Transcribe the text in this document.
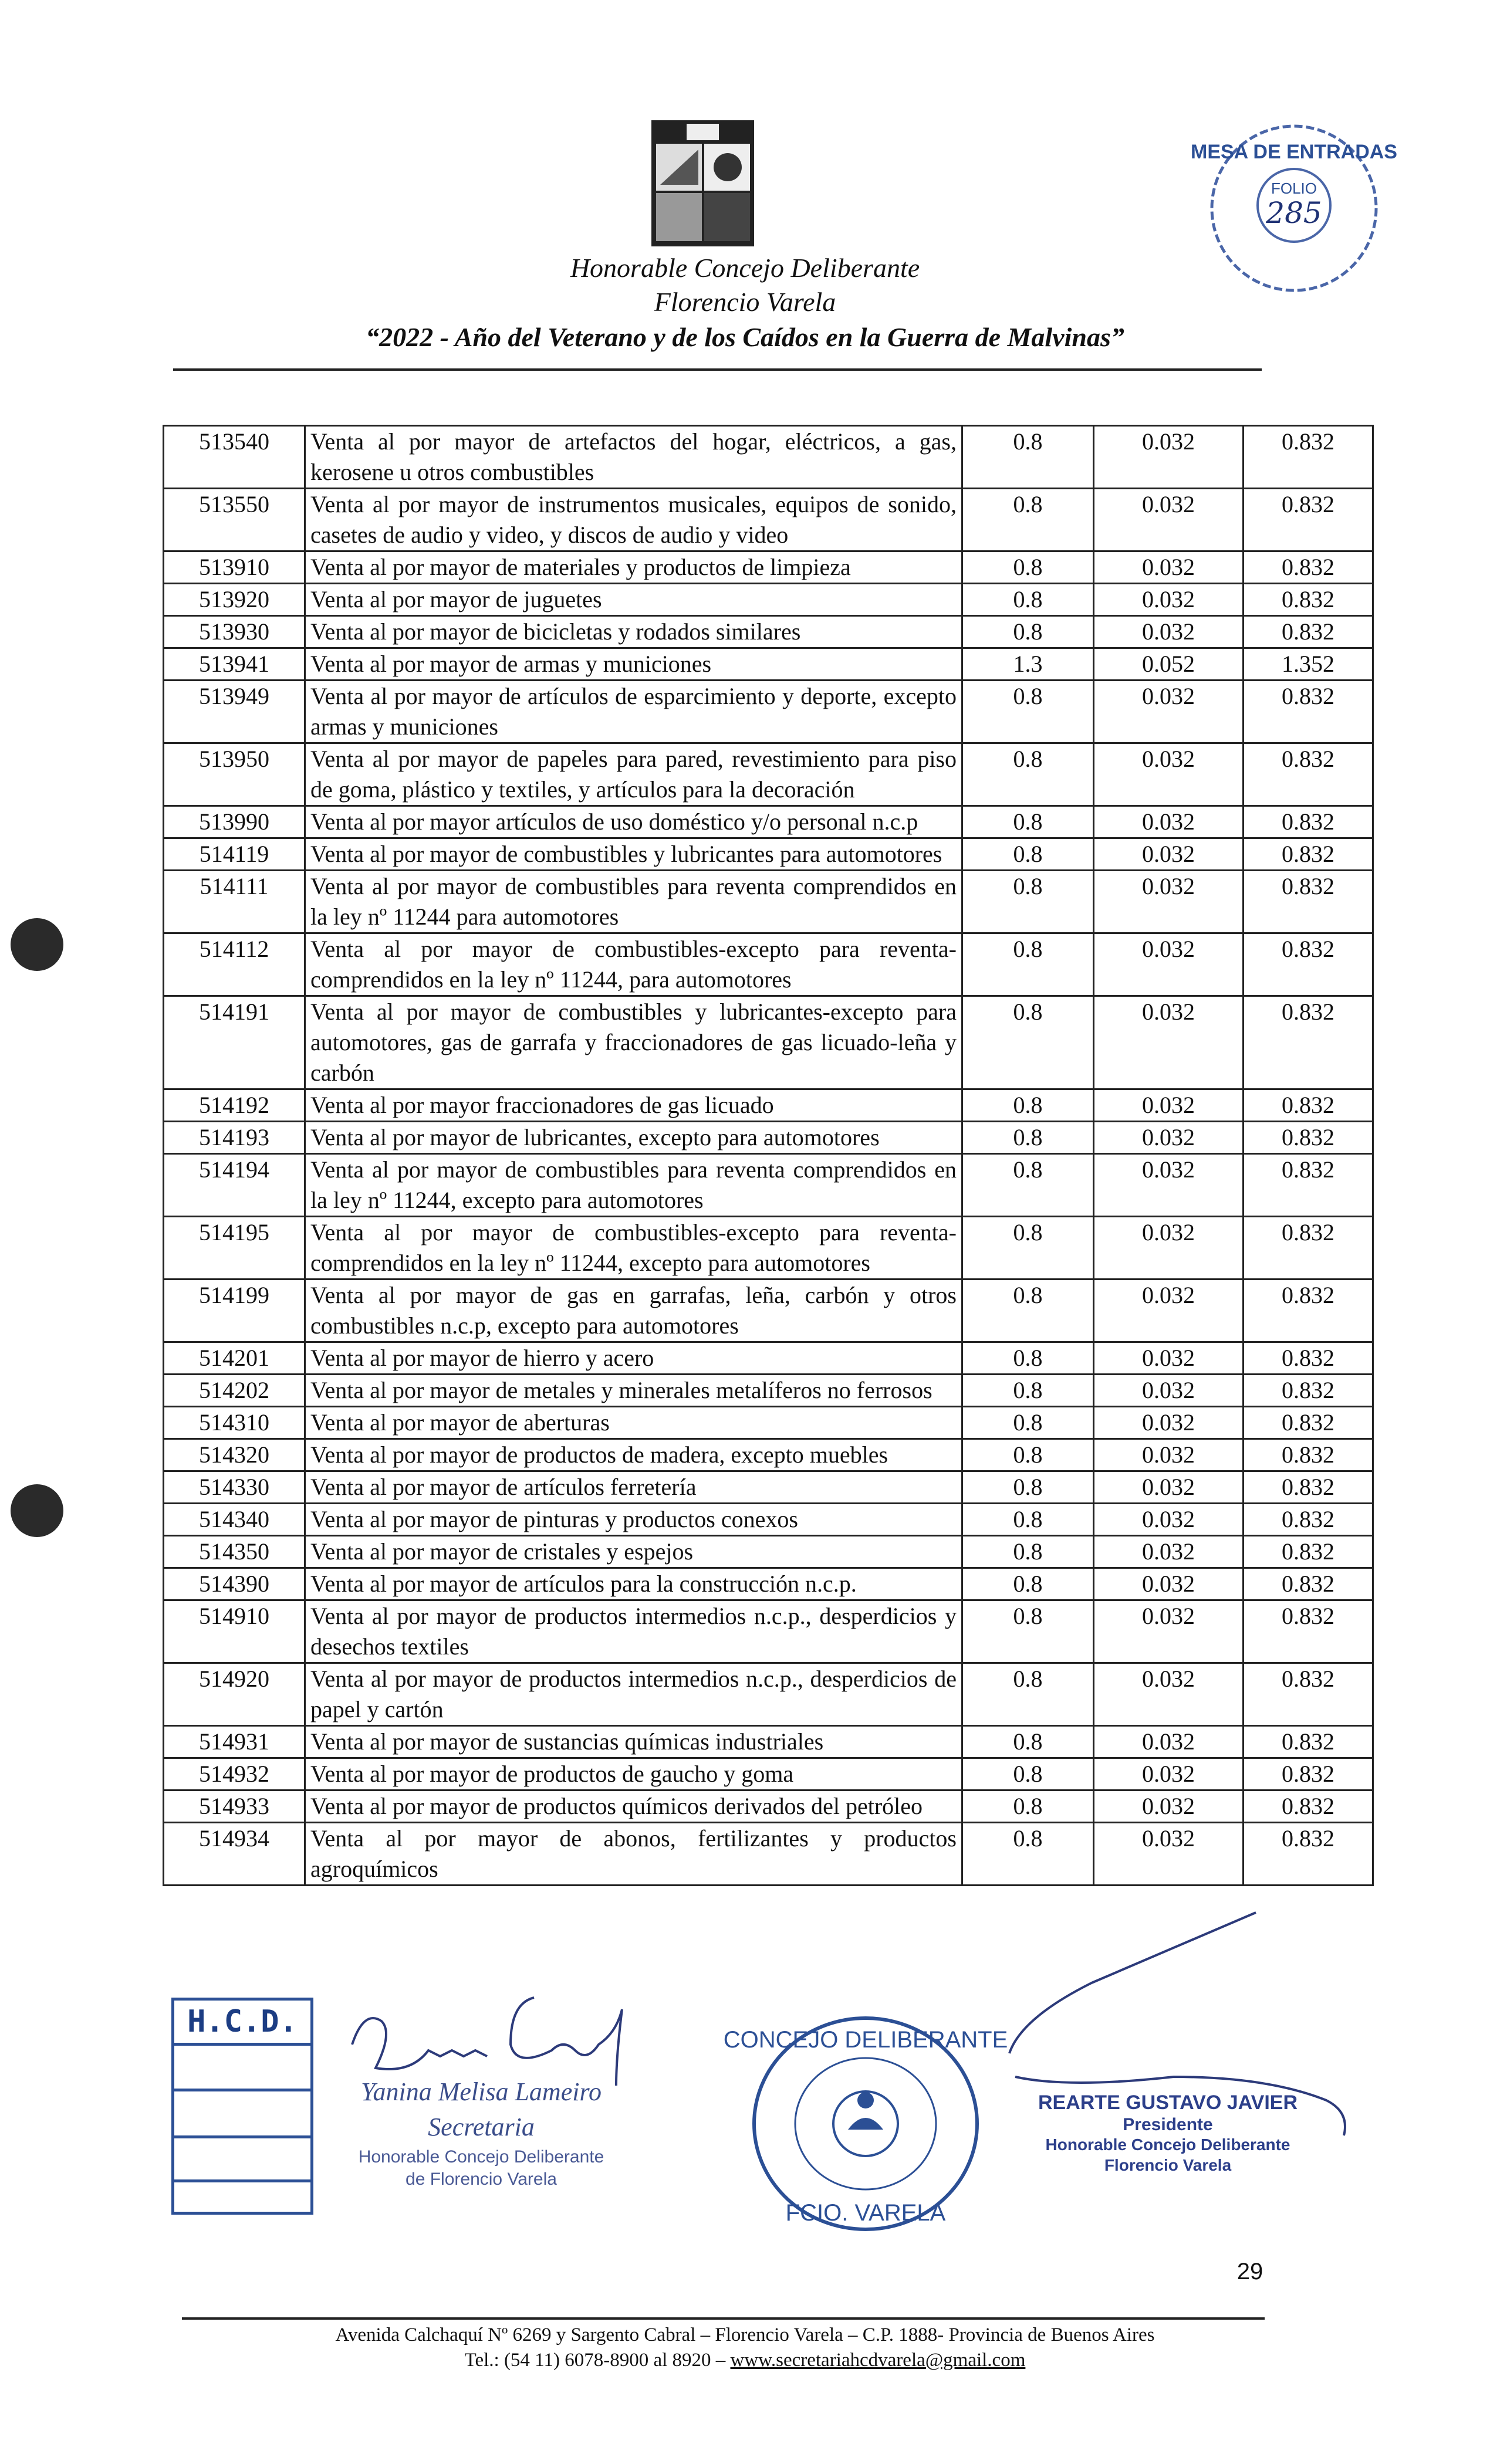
Honorable Concejo Deliberante
Florencio Varela
“2022 - Año del Veterano y de los Caídos en la Guerra de Malvinas”
MESA DE ENTRADAS
FOLIO
285
513540	Venta al por mayor de artefactos del hogar, eléctricos, a gas, kerosene u otros combustibles	0.8	0.032	0.832
513550	Venta al por mayor de instrumentos musicales, equipos de sonido, casetes de audio y video, y discos de audio y video	0.8	0.032	0.832
513910	Venta al por mayor de materiales y productos de limpieza	0.8	0.032	0.832
513920	Venta al por mayor de juguetes	0.8	0.032	0.832
513930	Venta al por mayor de bicicletas y rodados similares	0.8	0.032	0.832
513941	Venta al por mayor de armas y municiones	1.3	0.052	1.352
513949	Venta al por mayor de artículos de esparcimiento y deporte, excepto armas y municiones	0.8	0.032	0.832
513950	Venta al por mayor de papeles para pared, revestimiento para piso de goma, plástico y textiles, y artículos para la decoración	0.8	0.032	0.832
513990	Venta al por mayor artículos de uso doméstico y/o personal n.c.p	0.8	0.032	0.832
514119	Venta al por mayor de combustibles y lubricantes para automotores	0.8	0.032	0.832
514111	Venta al por mayor de combustibles para reventa comprendidos en la ley nº 11244 para automotores	0.8	0.032	0.832
514112	Venta al por mayor de combustibles-excepto para reventa-comprendidos en la ley nº 11244, para automotores	0.8	0.032	0.832
514191	Venta al por mayor de combustibles y lubricantes-excepto para automotores, gas de garrafa y fraccionadores de gas licuado-leña y carbón	0.8	0.032	0.832
514192	Venta al por mayor fraccionadores de gas licuado	0.8	0.032	0.832
514193	Venta al por mayor de lubricantes, excepto para automotores	0.8	0.032	0.832
514194	Venta al por mayor de combustibles para reventa comprendidos en la ley nº 11244, excepto para automotores	0.8	0.032	0.832
514195	Venta al por mayor de combustibles-excepto para reventa-comprendidos en la ley nº 11244, excepto para automotores	0.8	0.032	0.832
514199	Venta al por mayor de gas en garrafas, leña, carbón y otros combustibles n.c.p, excepto para automotores	0.8	0.032	0.832
514201	Venta al por mayor de hierro y acero	0.8	0.032	0.832
514202	Venta al por mayor de metales y minerales metalíferos no ferrosos	0.8	0.032	0.832
514310	Venta al por mayor de aberturas	0.8	0.032	0.832
514320	Venta al por mayor de productos de madera, excepto muebles	0.8	0.032	0.832
514330	Venta al por mayor de artículos ferretería	0.8	0.032	0.832
514340	Venta al por mayor de pinturas y productos conexos	0.8	0.032	0.832
514350	Venta al por mayor de cristales y espejos	0.8	0.032	0.832
514390	Venta al por mayor de artículos para la construcción n.c.p.	0.8	0.032	0.832
514910	Venta al por mayor de productos intermedios n.c.p., desperdicios y desechos textiles	0.8	0.032	0.832
514920	Venta al por mayor de productos intermedios n.c.p., desperdicios de papel y cartón	0.8	0.032	0.832
514931	Venta al por mayor de sustancias químicas industriales	0.8	0.032	0.832
514932	Venta al por mayor de productos de gaucho y goma	0.8	0.032	0.832
514933	Venta al por mayor de productos químicos derivados del petróleo	0.8	0.032	0.832
514934	Venta al por mayor de abonos, fertilizantes y productos agroquímicos	0.8	0.032	0.832
H.C.D.
Yanina Melisa Lameiro
Secretaria
Honorable Concejo Deliberante
de Florencio Varela
CONCEJO DELIBERANTE
FCIO. VARELA
REARTE GUSTAVO JAVIER
Presidente
Honorable Concejo Deliberante
Florencio Varela
29
Avenida Calchaquí Nº 6269 y Sargento Cabral – Florencio Varela – C.P. 1888- Provincia de Buenos Aires
Tel.: (54 11) 6078-8900 al 8920 – www.secretariahcdvarela@gmail.com
